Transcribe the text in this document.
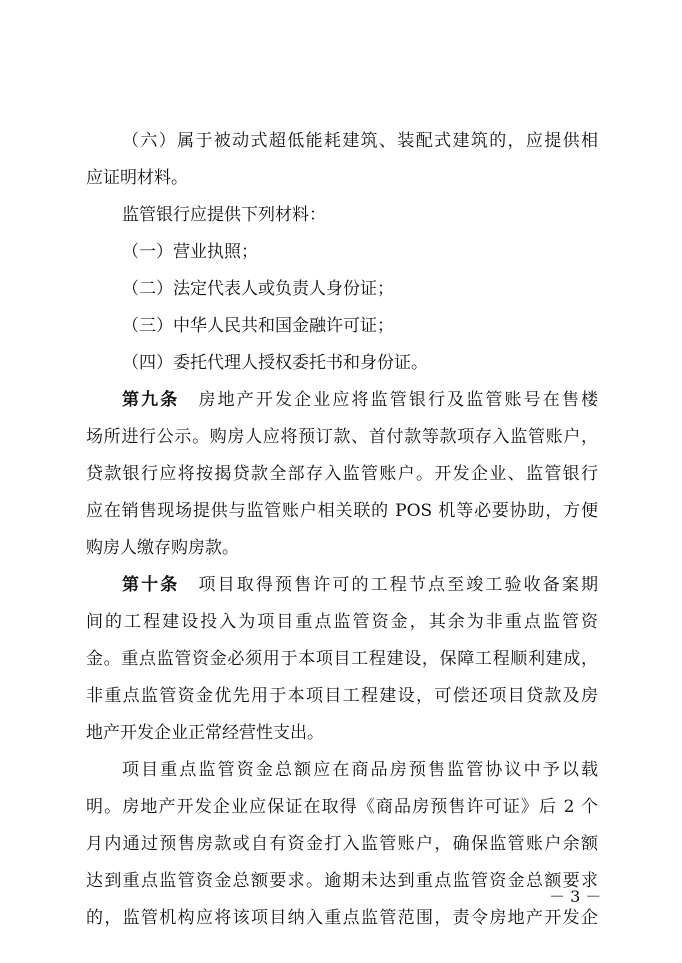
（六）属于被动式超低能耗建筑、装配式建筑的，应提供相
应证明材料。
监管银行应提供下列材料：
（一）营业执照；
（二）法定代表人或负责人身份证；
（三）中华人民共和国金融许可证；
（四）委托代理人授权委托书和身份证。
第九条　 房地产开发企业应将监管银行及监管账号在售楼
场所进行公示。购房人应将预订款、首付款等款项存入监管账户，
贷款银行应将按揭贷款全部存入监管账户。开发企业、监管银行
应在销售现场提供与监管账户相关联的 POS 机等必要协助，方便
购房人缴存购房款。
第十条　 项目取得预售许可的工程节点至竣工验收备案期
间的工程建设投入为项目重点监管资金，其余为非重点监管资
金。重点监管资金必须用于本项目工程建设，保障工程顺利建成，
非重点监管资金优先用于本项目工程建设，可偿还项目贷款及房
地产开发企业正常经营性支出。
项目重点监管资金总额应在商品房预售监管协议中予以载
明。房地产开发企业应保证在取得《商品房预售许可证》后 2 个
月内通过预售房款或自有资金打入监管账户，确保监管账户余额
达到重点监管资金总额要求。逾期未达到重点监管资金总额要求
的，监管机构应将该项目纳入重点监管范围，责令房地产开发企
－ 3 －
